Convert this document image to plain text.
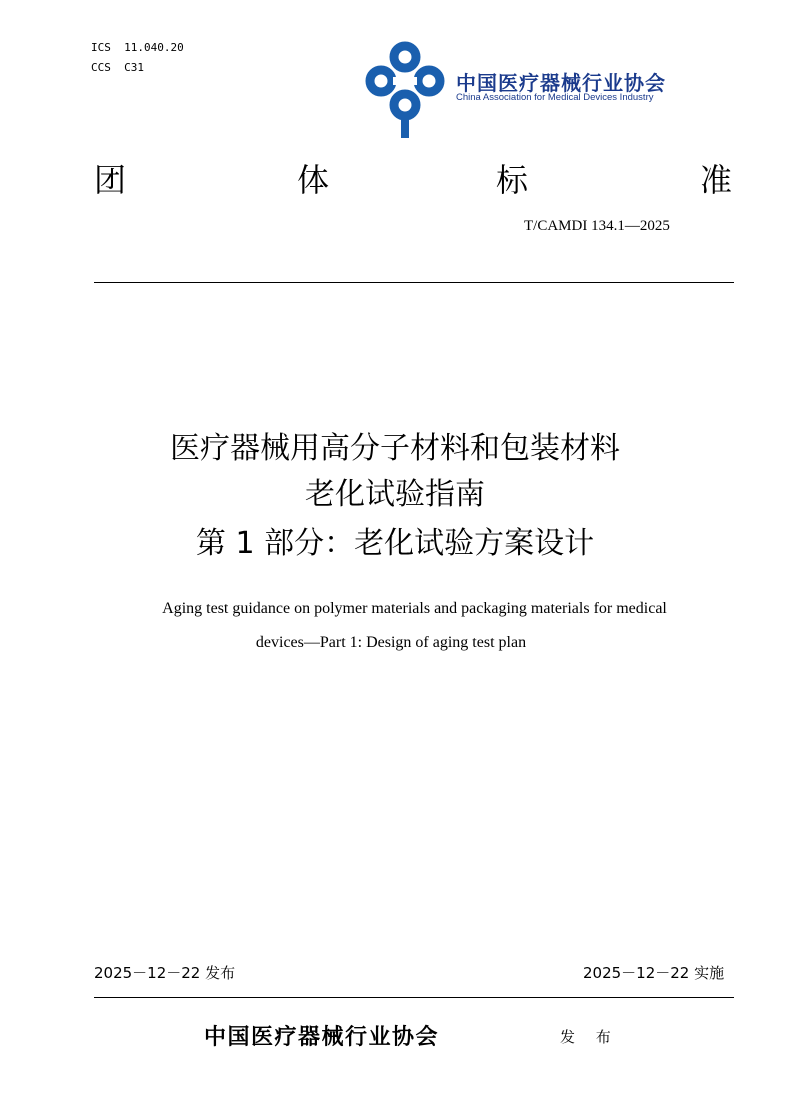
ICS  11.040.20
CCS  C31
中国医疗器械行业协会
China Association for Medical Devices Industry
团	体	标	准
T/CAMDI 134.1—2025
医疗器械用高分子材料和包装材料
老化试验指南
第 1 部分：老化试验方案设计
Aging test guidance on polymer materials and packaging materials for medical
devices—Part 1: Design of aging test plan
2025－12－22 发布	2025－12－22 实施
中国医疗器械行业协会	发 布
